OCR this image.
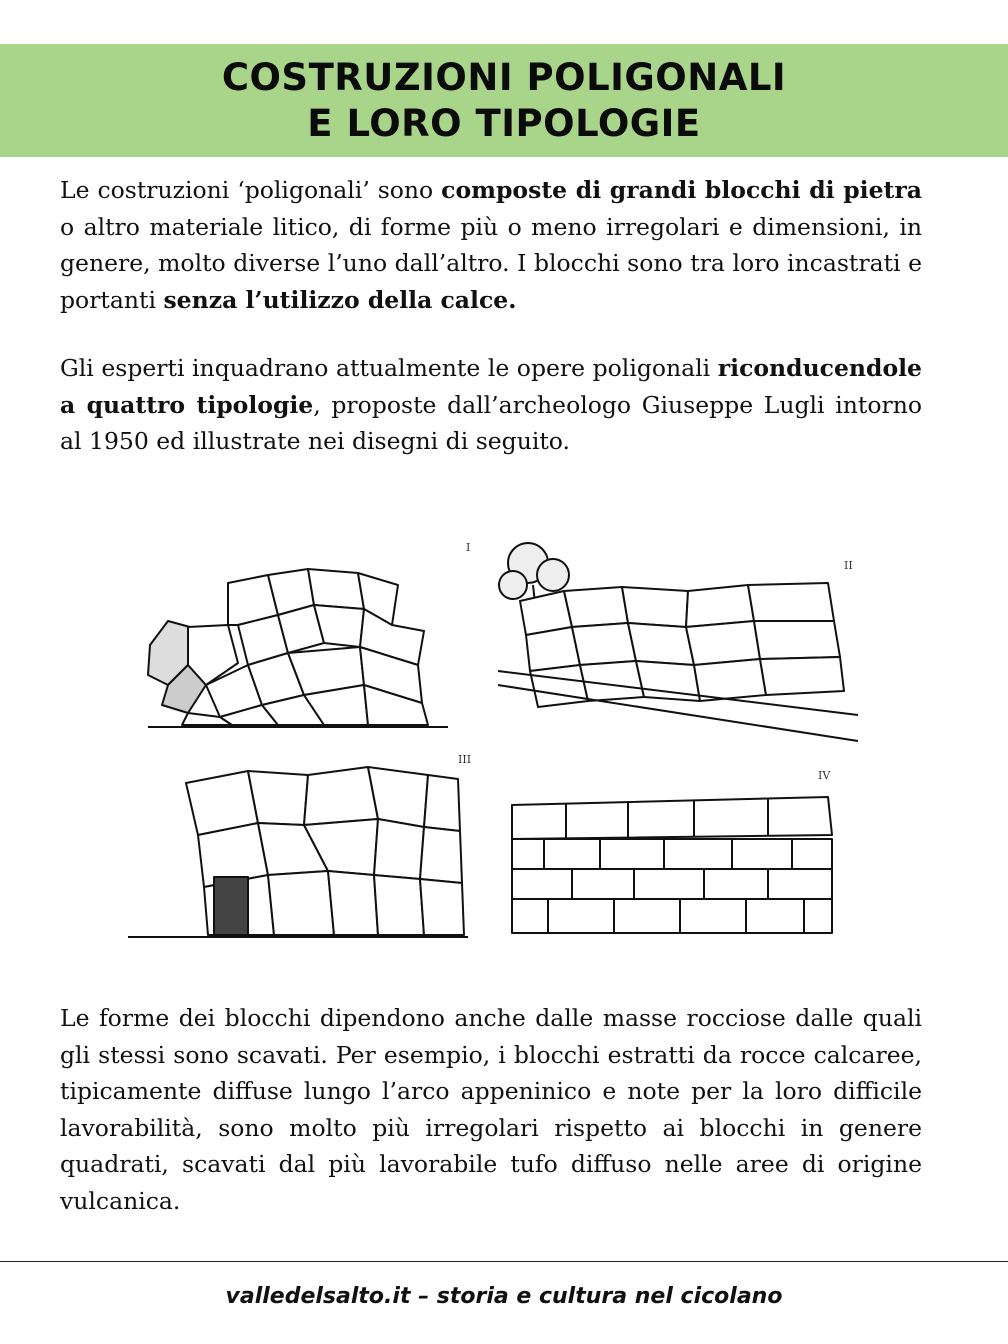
COSTRUZIONI POLIGONALI
E LORO TIPOLOGIE

Le costruzioni ‘poligonali’ sono composte di grandi blocchi di pietra o altro materiale litico, di forme più o meno irregolari e dimensioni, in genere, molto diverse l’uno dall’altro. I blocchi sono tra loro incastrati e portanti senza l’utilizzo della calce.

Gli esperti inquadrano attualmente le opere poligonali riconducendole a quattro tipologie, proposte dall’archeologo Giuseppe Lugli intorno al 1950 ed illustrate nei disegni di seguito.

I
II
III
IV

Le forme dei blocchi dipendono anche dalle masse rocciose dalle quali gli stessi sono scavati. Per esempio, i blocchi estratti da rocce calcaree, tipicamente diffuse lungo l’arco appeninico e note per la loro difficile lavorabilità, sono molto più irregolari rispetto ai blocchi in genere quadrati, scavati dal più lavorabile tufo diffuso nelle aree di origine vulcanica.

valledelsalto.it – storia e cultura nel cicolano
